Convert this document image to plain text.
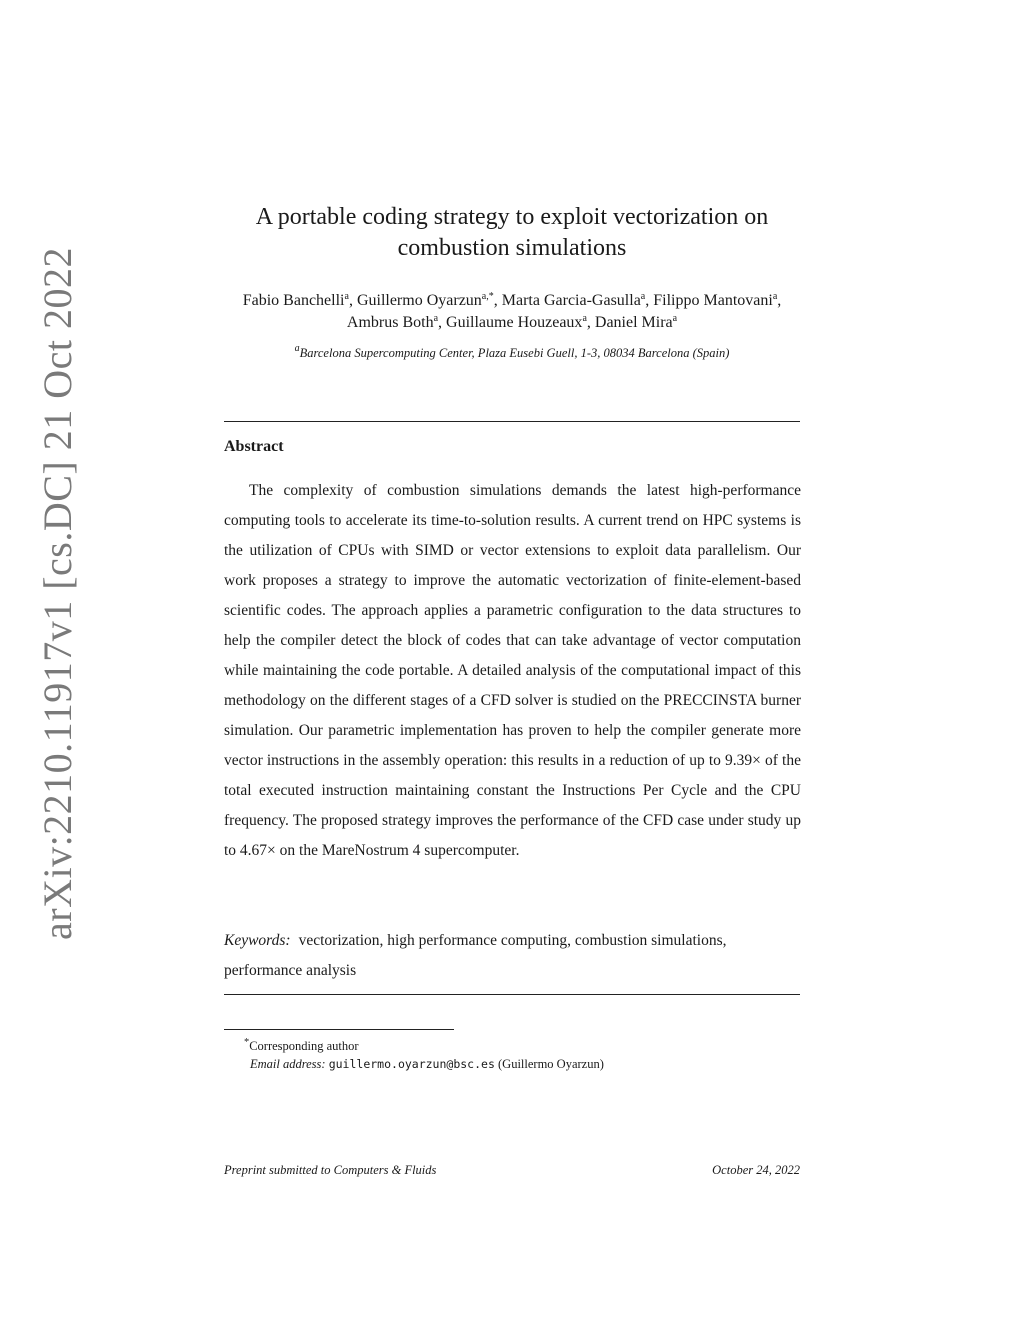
arXiv:2210.11917v1 [cs.DC] 21 Oct 2022
A portable coding strategy to exploit vectorization on
combustion simulations
Fabio Banchelli$^a$, Guillermo Oyarzun$^{a,*}$, Marta Garcia-Gasulla$^a$, Filippo Mantovani$^a$, Ambrus Both$^a$, Guillaume Houzeaux$^a$, Daniel Mira$^a$
$^a$Barcelona Supercomputing Center, Plaza Eusebi Guell, 1-3, 08034 Barcelona (Spain)
Abstract
The complexity of combustion simulations demands the latest high-performance computing tools to accelerate its time-to-solution results. A current trend on HPC systems is the utilization of CPUs with SIMD or vector extensions to exploit data parallelism. Our work proposes a strategy to improve the automatic vectorization of finite-element-based scientific codes. The approach applies a parametric configuration to the data structures to help the compiler detect the block of codes that can take advantage of vector computation while maintaining the code portable. A detailed analysis of the computational impact of this methodology on the different stages of a CFD solver is studied on the PRECCINSTA burner simulation. Our parametric implementation has proven to help the compiler generate more vector instructions in the assembly operation: this results in a reduction of up to 9.39× of the total executed instruction maintaining constant the Instructions Per Cycle and the CPU frequency. The proposed strategy improves the performance of the CFD case under study up to 4.67× on the MareNostrum 4 supercomputer.
Keywords: vectorization, high performance computing, combustion simulations, performance analysis
*Corresponding author
Email address: guillermo.oyarzun@bsc.es (Guillermo Oyarzun)
Preprint submitted to Computers & Fluids	October 24, 2022
